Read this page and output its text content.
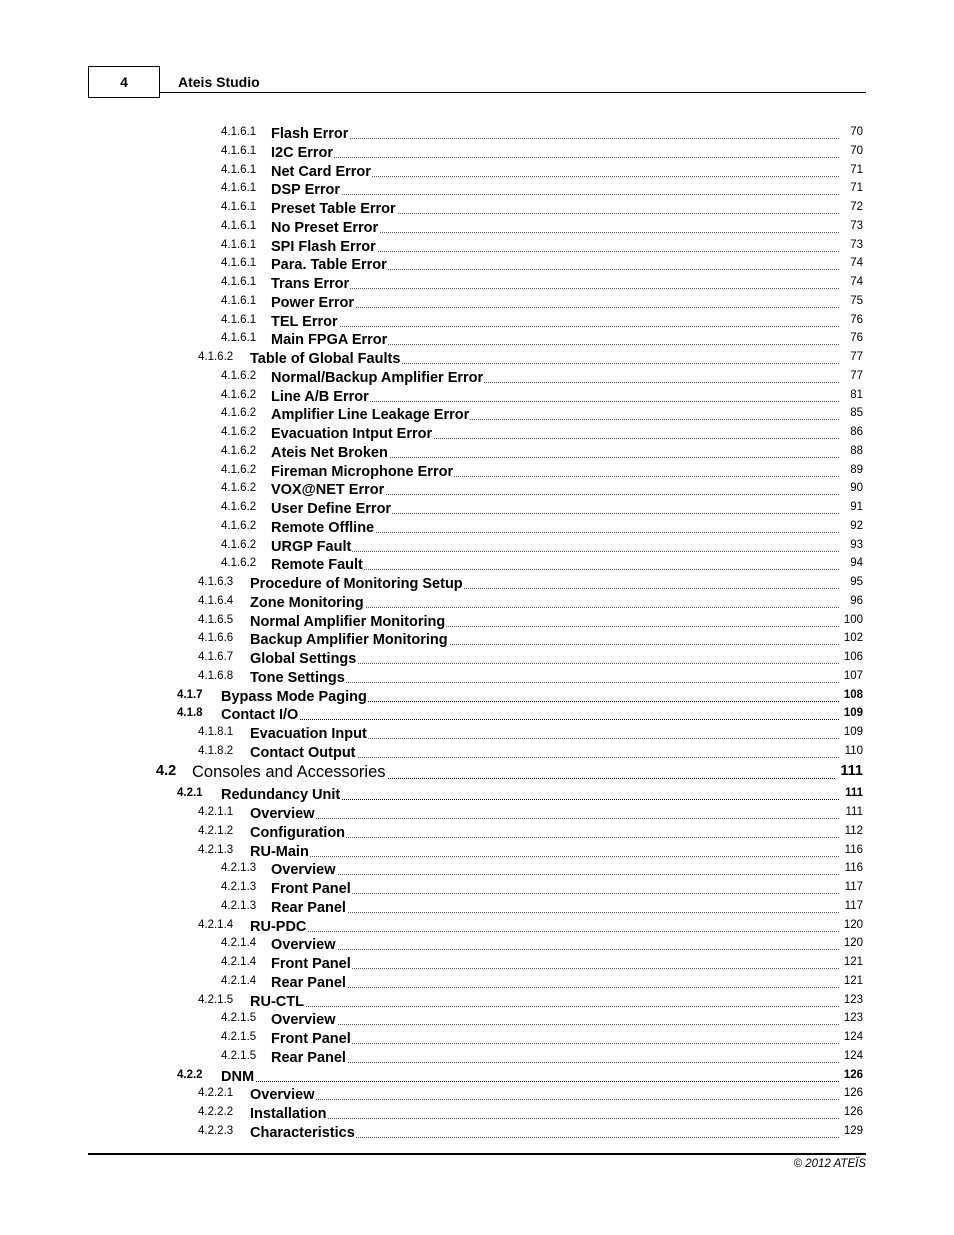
4	Ateis Studio
4.1.6.1 Flash Error	70
4.1.6.1 I2C Error	70
4.1.6.1 Net Card Error	71
4.1.6.1 DSP Error	71
4.1.6.1 Preset Table Error	72
4.1.6.1 No Preset Error	73
4.1.6.1 SPI Flash Error	73
4.1.6.1 Para. Table Error	74
4.1.6.1 Trans Error	74
4.1.6.1 Power Error	75
4.1.6.1 TEL Error	76
4.1.6.1 Main FPGA Error	76
4.1.6.2 Table of Global Faults	77
4.1.6.2 Normal/Backup Amplifier Error	77
4.1.6.2 Line A/B Error	81
4.1.6.2 Amplifier Line Leakage Error	85
4.1.6.2 Evacuation Intput Error	86
4.1.6.2 Ateis Net Broken	88
4.1.6.2 Fireman Microphone Error	89
4.1.6.2 VOX@NET Error	90
4.1.6.2 User Define Error	91
4.1.6.2 Remote Offline	92
4.1.6.2 URGP Fault	93
4.1.6.2 Remote Fault	94
4.1.6.3 Procedure of Monitoring Setup	95
4.1.6.4 Zone Monitoring	96
4.1.6.5 Normal Amplifier Monitoring	100
4.1.6.6 Backup Amplifier Monitoring	102
4.1.6.7 Global Settings	106
4.1.6.8 Tone Settings	107
4.1.7 Bypass Mode Paging	108
4.1.8 Contact I/O	109
4.1.8.1 Evacuation Input	109
4.1.8.2 Contact Output	110
4.2 Consoles and Accessories	111
4.2.1 Redundancy Unit	111
4.2.1.1 Overview	111
4.2.1.2 Configuration	112
4.2.1.3 RU-Main	116
4.2.1.3 Overview	116
4.2.1.3 Front Panel	117
4.2.1.3 Rear Panel	117
4.2.1.4 RU-PDC	120
4.2.1.4 Overview	120
4.2.1.4 Front Panel	121
4.2.1.4 Rear Panel	121
4.2.1.5 RU-CTL	123
4.2.1.5 Overview	123
4.2.1.5 Front Panel	124
4.2.1.5 Rear Panel	124
4.2.2 DNM	126
4.2.2.1 Overview	126
4.2.2.2 Installation	126
4.2.2.3 Characteristics	129
© 2012 ATEÏS
